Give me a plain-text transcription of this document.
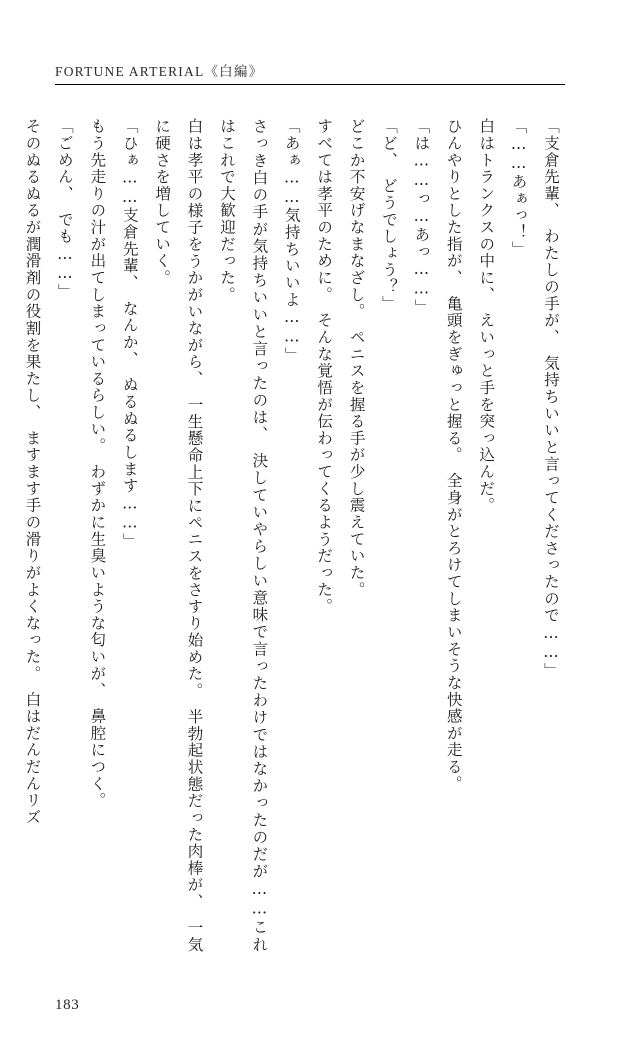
FORTUNE ARTERIAL《白編》

「支倉先輩、　わたしの手が、　気持ちいいと言ってくださったので……」

「……あぁっ！」

白はトランクスの中に、　えいっと手を突っ込んだ。

ひんやりとした指が、　亀頭をぎゅっと握る。　全身がとろけてしまいそうな快感が走る。

「は……っ…あっ……」

「ど、　どうでしょう？」

どこか不安げなまなざし。　ペニスを握る手が少し震えていた。

すべては孝平のために。　そんな覚悟が伝わってくるようだった。

「あぁ……気持ちいいよ……」

さっき白の手が気持ちいいと言ったのは、　決していやらしい意味で言ったわけではなかったのだが……これはこれで大歓迎だった。

白は孝平の様子をうかがいながら、　一生懸命上下にペニスをさすり始めた。　半勃起状態だった肉棒が、　一気に硬さを増していく。

「ひぁ……支倉先輩、　なんか、　ぬるぬるします……」

もう先走りの汁が出てしまっているらしい。　わずかに生臭いような匂いが、　鼻腔につく。

「ごめん、　でも……」

そのぬるぬるが潤滑剤の役割を果たし、　ますます手の滑りがよくなった。　白はだんだんリズ

183
